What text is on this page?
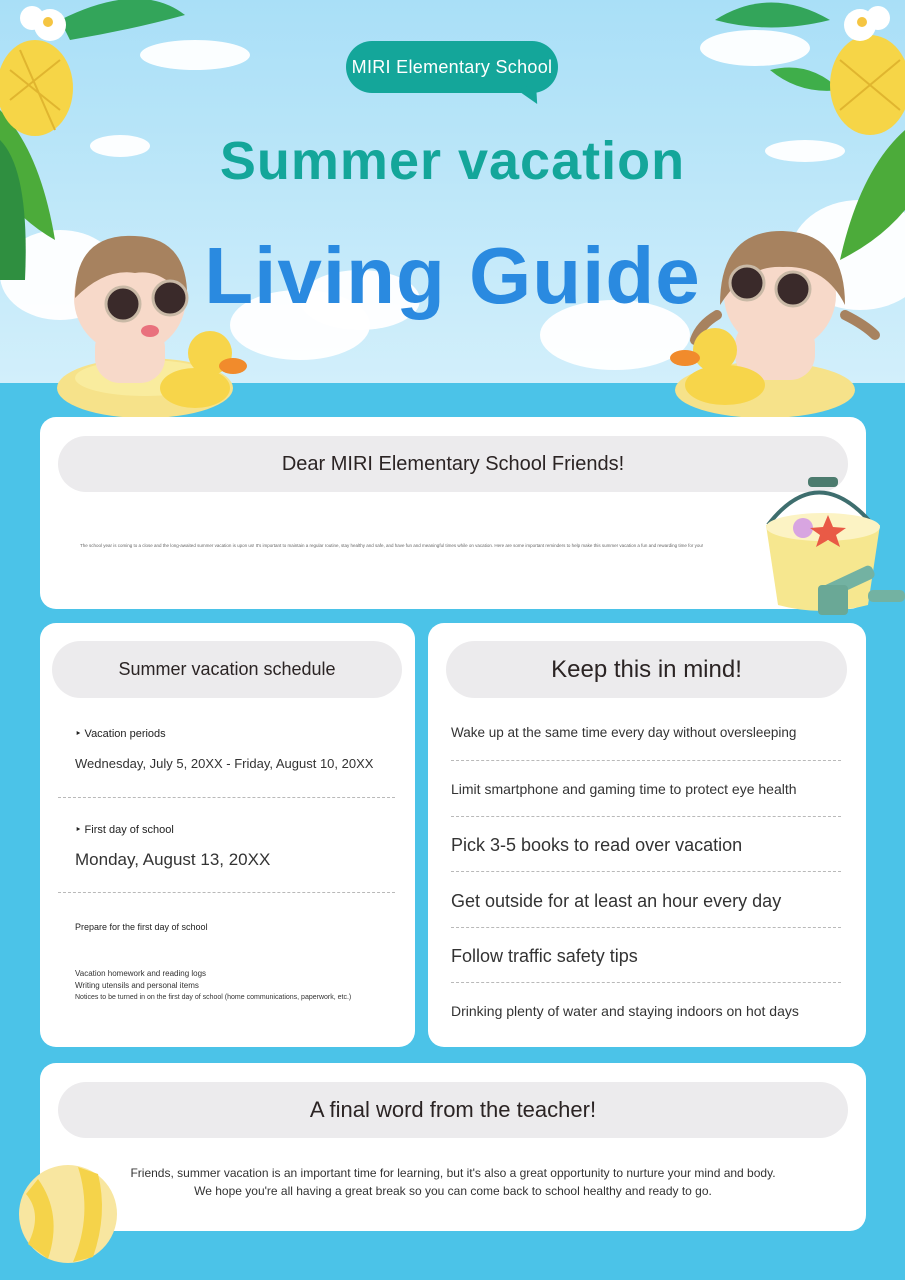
MIRI Elementary School
Summer vacation
Living Guide
Dear MIRI Elementary School Friends!
The school year is coming to a close and the long-awaited summer vacation is upon us! It's important to maintain a regular routine, stay healthy and safe, and have fun and meaningful times while on vacation. Here are some important reminders to help make this summer vacation a fun and rewarding time for you!
Summer vacation schedule
‣ Vacation periods
Wednesday, July 5, 20XX - Friday, August 10, 20XX
‣ First day of school
Monday, August 13, 20XX
Prepare for the first day of school
Vacation homework and reading logs
Writing utensils and personal items
Notices to be turned in on the first day of school (home communications, paperwork, etc.)
Keep this in mind!
Wake up at the same time every day without oversleeping
Limit smartphone and gaming time to protect eye health
Pick 3-5 books to read over vacation
Get outside for at least an hour every day
Follow traffic safety tips
Drinking plenty of water and staying indoors on hot days
A final word from the teacher!
Friends, summer vacation is an important time for learning, but it's also a great opportunity to nurture your mind and body.
We hope you're all having a great break so you can come back to school healthy and ready to go.
